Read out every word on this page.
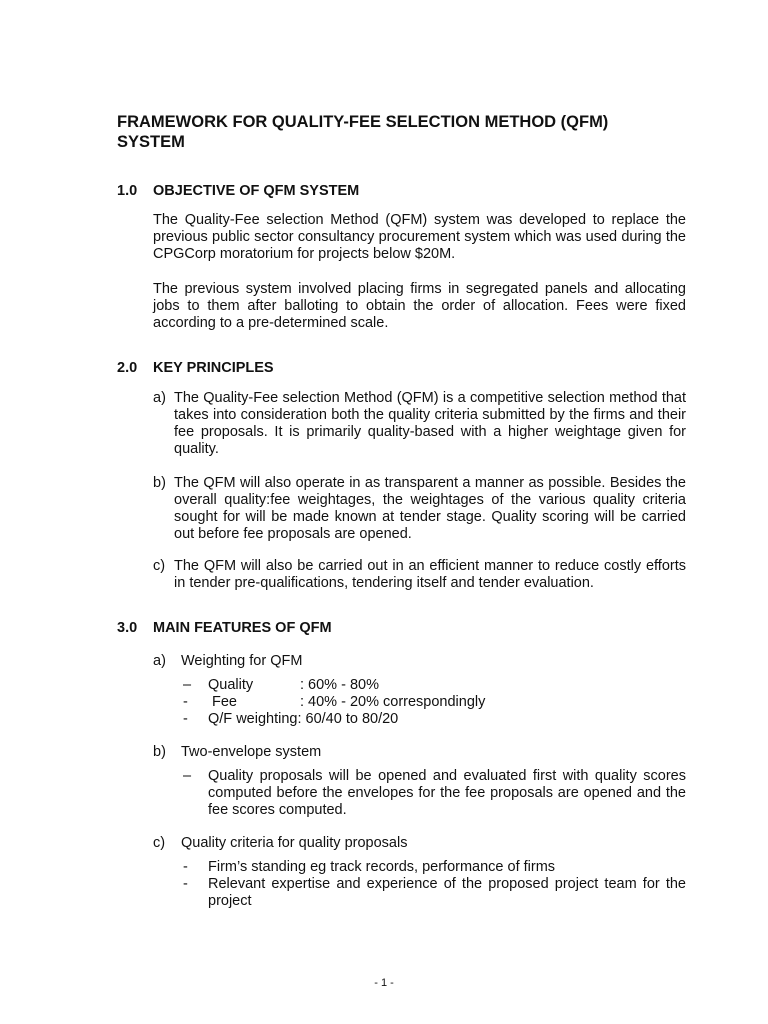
FRAMEWORK FOR QUALITY-FEE SELECTION METHOD (QFM) SYSTEM
1.0 OBJECTIVE OF QFM SYSTEM
The Quality-Fee selection Method (QFM) system was developed to replace the previous public sector consultancy procurement system which was used during the CPGCorp moratorium for projects below $20M.
The previous system involved placing firms in segregated panels and allocating jobs to them after balloting to obtain the order of allocation. Fees were fixed according to a pre-determined scale.
2.0 KEY PRINCIPLES
a) The Quality-Fee selection Method (QFM) is a competitive selection method that takes into consideration both the quality criteria submitted by the firms and their fee proposals. It is primarily quality-based with a higher weightage given for quality.
b) The QFM will also operate in as transparent a manner as possible. Besides the overall quality:fee weightages, the weightages of the various quality criteria sought for will be made known at tender stage. Quality scoring will be carried out before fee proposals are opened.
c) The QFM will also be carried out in an efficient manner to reduce costly efforts in tender pre-qualifications, tendering itself and tender evaluation.
3.0 MAIN FEATURES OF QFM
a) Weighting for QFM
– Quality	: 60% - 80%
- Fee	: 40% - 20% correspondingly
- Q/F weighting: 60/40 to 80/20
b) Two-envelope system
– Quality proposals will be opened and evaluated first with quality scores computed before the envelopes for the fee proposals are opened and the fee scores computed.
c) Quality criteria for quality proposals
- Firm’s standing eg track records, performance of firms
- Relevant expertise and experience of the proposed project team for the project
- 1 -
